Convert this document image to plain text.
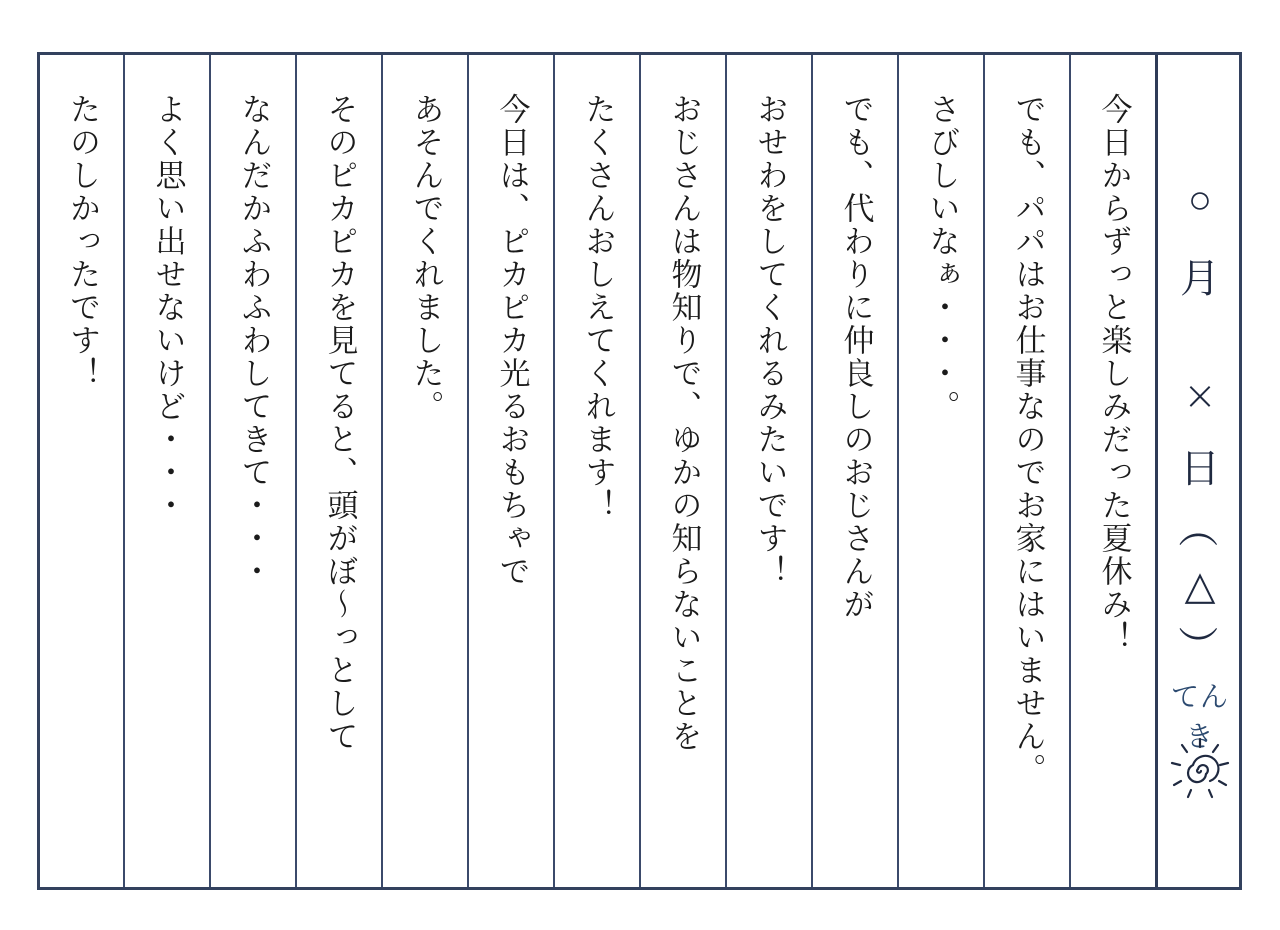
今日からずっと楽しみだった夏休み！
でも、パパはお仕事なのでお家にはいません。
さびしいなぁ・・・。
でも、代わりに仲良しのおじさんが
おせわをしてくれるみたいです！
おじさんは物知りで、ゆかの知らないことを
たくさんおしえてくれます！
今日は、ピカピカ光るおもちゃで
あそんでくれました。
そのピカピカを見てると、頭がぼ〜っとして
なんだかふわふわしてきて・・・
よく思い出せないけど・・・
たのしかったです！	○
月
×
日
（
△
）
てんき
